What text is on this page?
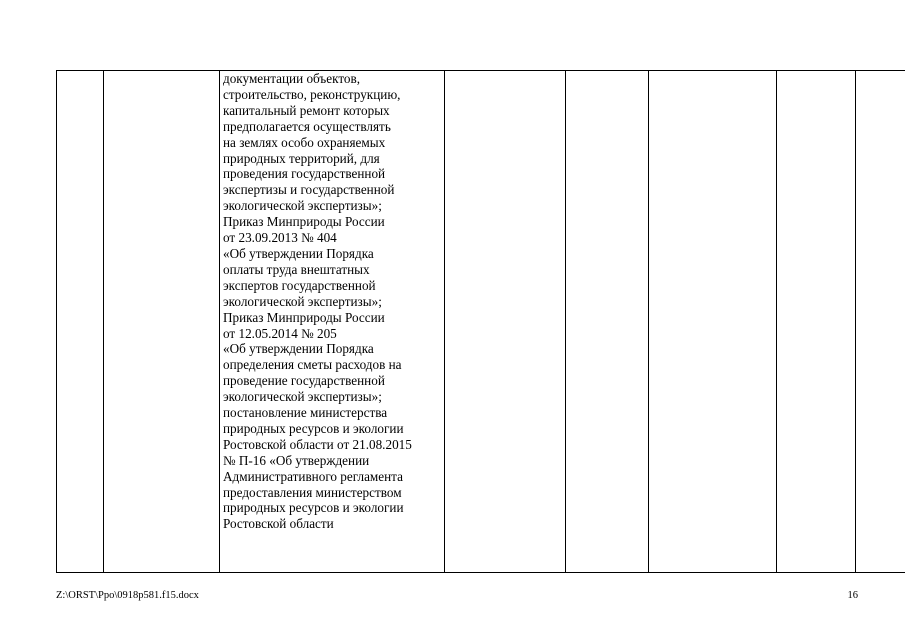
документации объектов,
строительство, реконструкцию,
капитальный ремонт которых
предполагается осуществлять
на землях особо охраняемых
природных территорий, для
проведения государственной
экспертизы и государственной
экологической экспертизы»;
Приказ Минприроды России
от 23.09.2013 № 404
«Об утверждении Порядка
оплаты труда внештатных
экспертов государственной
экологической экспертизы»;
Приказ Минприроды России
от 12.05.2014 № 205
«Об утверждении Порядка
определения сметы расходов на
проведение государственной
экологической экспертизы»;
постановление министерства
природных ресурсов и экологии
Ростовской области от 21.08.2015
№ П-16 «Об утверждении
Административного регламента
предоставления министерством
природных ресурсов и экологии
Ростовской области

Z:\ORST\Ppo\0918p581.f15.docx	16
